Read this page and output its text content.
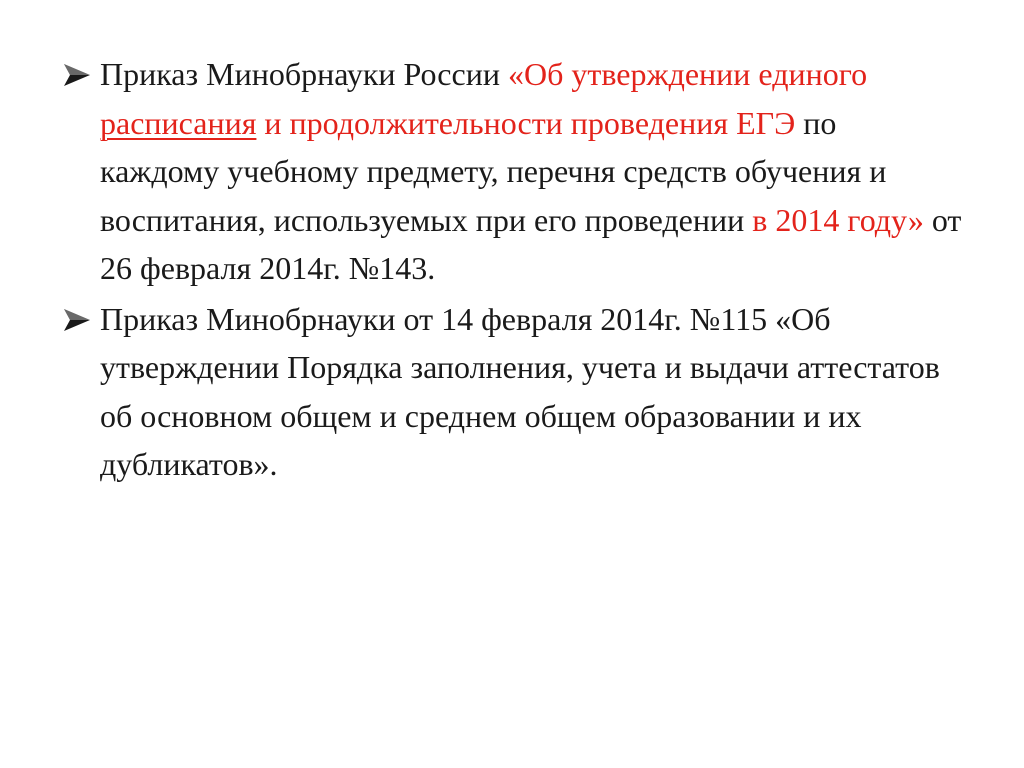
Приказ Минобрнауки России «Об утверждении единого расписания и продолжительности проведения ЕГЭ по каждому учебному предмету, перечня средств обучения и воспитания, используемых при его проведении в 2014 году» от 26 февраля 2014г. №143.
Приказ Минобрнауки от 14 февраля 2014г. №115 «Об утверждении Порядка заполнения, учета и выдачи аттестатов об основном общем и среднем общем образовании и их дубликатов».
